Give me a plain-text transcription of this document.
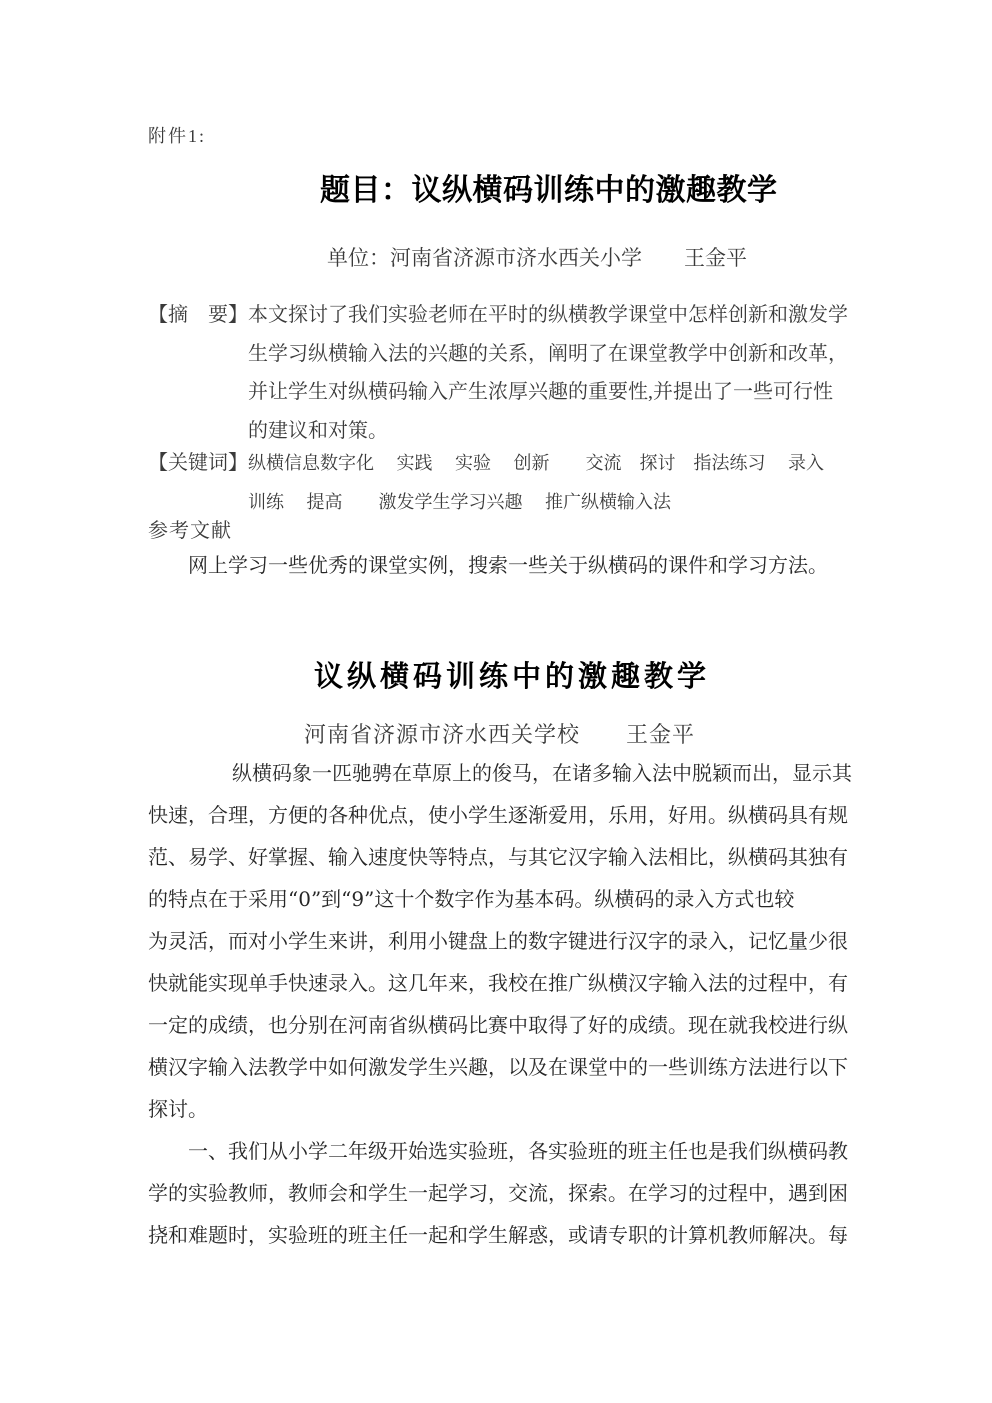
附件1:
题目：议纵横码训练中的激趣教学
单位：河南省济源市济水西关小学　　王金平
【摘　要】本文探讨了我们实验老师在平时的纵横教学课堂中怎样创新和激发学
生学习纵横输入法的兴趣的关系，阐明了在课堂教学中创新和改革，
并让学生对纵横码输入产生浓厚兴趣的重要性,并提出了一些可行性
的建议和对策。
【关键词】纵横信息数字化　 实践　 实验　 创新　　交流　探讨　指法练习　 录入
训练　 提高　　激发学生学习兴趣　 推广纵横输入法
参考文献
网上学习一些优秀的课堂实例，搜索一些关于纵横码的课件和学习方法。
议纵横码训练中的激趣教学
河南省济源市济水西关学校　　王金平
纵横码象一匹驰骋在草原上的俊马，在诸多输入法中脱颖而出，显示其
快速，合理，方便的各种优点，使小学生逐渐爱用，乐用，好用。纵横码具有规
范、易学、好掌握、输入速度快等特点，与其它汉字输入法相比，纵横码其独有
的特点在于采用“0”到“9”这十个数字作为基本码。纵横码的录入方式也较
为灵活，而对小学生来讲，利用小键盘上的数字键进行汉字的录入，记忆量少很
快就能实现单手快速录入。这几年来，我校在推广纵横汉字输入法的过程中，有
一定的成绩，也分别在河南省纵横码比赛中取得了好的成绩。现在就我校进行纵
横汉字输入法教学中如何激发学生兴趣，以及在课堂中的一些训练方法进行以下
探讨。
一、我们从小学二年级开始选实验班，各实验班的班主任也是我们纵横码教
学的实验教师，教师会和学生一起学习，交流，探索。在学习的过程中，遇到困
挠和难题时，实验班的班主任一起和学生解惑，或请专职的计算机教师解决。每
